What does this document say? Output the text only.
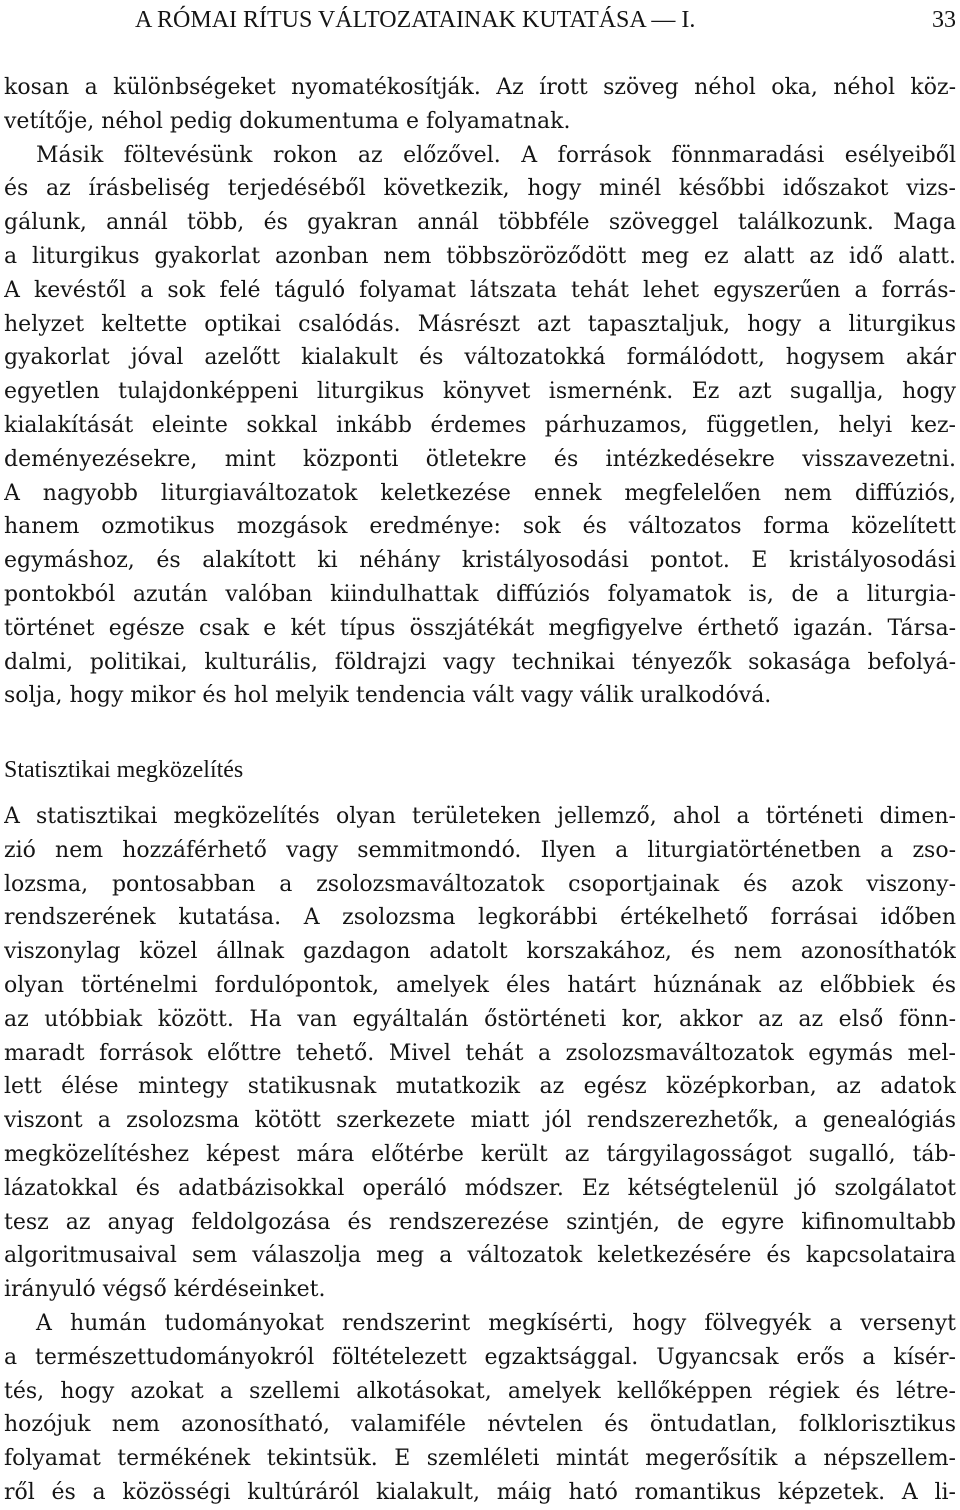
A RÓMAI RÍTUS VÁLTOZATAINAK KUTATÁSA — I.	33
kosan a különbségeket nyomatékosítják. Az írott szöveg néhol oka, néhol köz-
vetítője, néhol pedig dokumentuma e folyamatnak.
Másik föltevésünk rokon az előzővel. A források fönnmaradási esélyeiből
és az írásbeliség terjedéséből következik, hogy minél későbbi időszakot vizs-
gálunk, annál több, és gyakran annál többféle szöveggel találkozunk. Maga
a liturgikus gyakorlat azonban nem többszöröződött meg ez alatt az idő alatt.
A kevéstől a sok felé táguló folyamat látszata tehát lehet egyszerűen a forrás-
helyzet keltette optikai csalódás. Másrészt azt tapasztaljuk, hogy a liturgikus
gyakorlat jóval azelőtt kialakult és változatokká formálódott, hogysem akár
egyetlen tulajdonképpeni liturgikus könyvet ismernénk. Ez azt sugallja, hogy
kialakítását eleinte sokkal inkább érdemes párhuzamos, független, helyi kez-
deményezésekre, mint központi ötletekre és intézkedésekre visszavezetni.
A nagyobb liturgiaváltozatok keletkezése ennek megfelelően nem diffúziós,
hanem ozmotikus mozgások eredménye: sok és változatos forma közelített
egymáshoz, és alakított ki néhány kristályosodási pontot. E kristályosodási
pontokból azután valóban kiindulhattak diffúziós folyamatok is, de a liturgia-
történet egésze csak e két típus összjátékát megfigyelve érthető igazán. Társa-
dalmi, politikai, kulturális, földrajzi vagy technikai tényezők sokasága befolyá-
solja, hogy mikor és hol melyik tendencia vált vagy válik uralkodóvá.
Statisztikai megközelítés
A statisztikai megközelítés olyan területeken jellemző, ahol a történeti dimen-
zió nem hozzáférhető vagy semmitmondó. Ilyen a liturgiatörténetben a zso-
lozsma, pontosabban a zsolozsmaváltozatok csoportjainak és azok viszony-
rendszerének kutatása. A zsolozsma legkorábbi értékelhető forrásai időben
viszonylag közel állnak gazdagon adatolt korszakához, és nem azonosíthatók
olyan történelmi fordulópontok, amelyek éles határt húznának az előbbiek és
az utóbbiak között. Ha van egyáltalán őstörténeti kor, akkor az az első fönn-
maradt források előttre tehető. Mivel tehát a zsolozsmaváltozatok egymás mel-
lett élése mintegy statikusnak mutatkozik az egész középkorban, az adatok
viszont a zsolozsma kötött szerkezete miatt jól rendszerezhetők, a genealógiás
megközelítéshez képest mára előtérbe került az tárgyilagosságot sugalló, táb-
lázatokkal és adatbázisokkal operáló módszer. Ez kétségtelenül jó szolgálatot
tesz az anyag feldolgozása és rendszerezése szintjén, de egyre kifinomultabb
algoritmusaival sem válaszolja meg a változatok keletkezésére és kapcsolataira
irányuló végső kérdéseinket.
A humán tudományokat rendszerint megkísérti, hogy fölvegyék a versenyt
a természettudományokról föltételezett egzaktsággal. Ugyancsak erős a kísér-
tés, hogy azokat a szellemi alkotásokat, amelyek kellőképpen régiek és létre-
hozójuk nem azonosítható, valamiféle névtelen és öntudatlan, folklorisztikus
folyamat termékének tekintsük. E szemléleti mintát megerősítik a népszellem-
ről és a közösségi kultúráról kialakult, máig ható romantikus képzetek. A li-
